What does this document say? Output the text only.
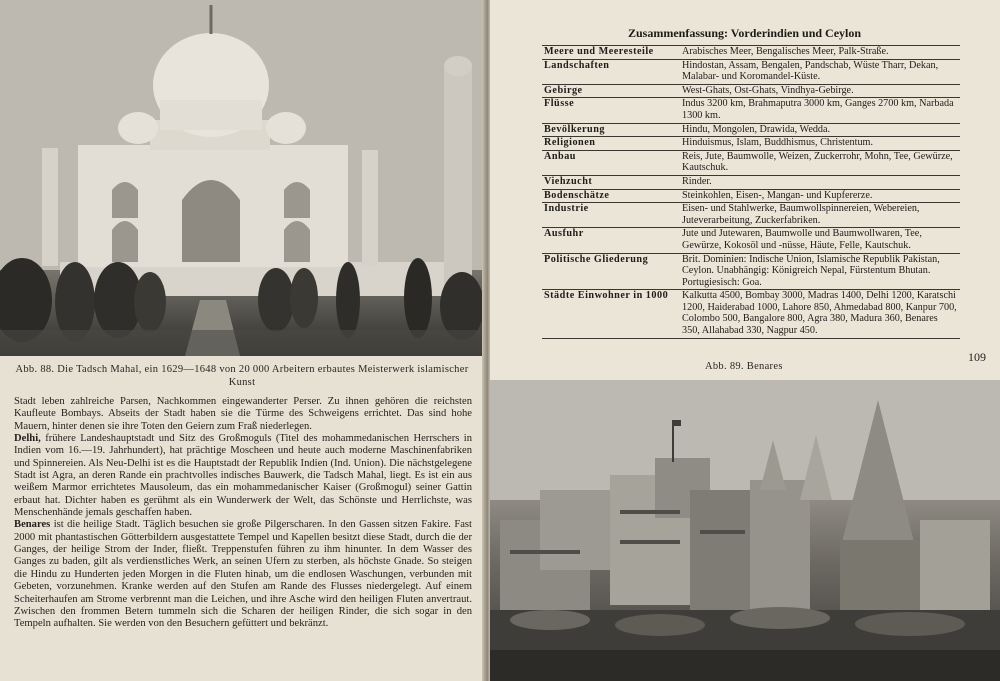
Abb. 88. Die Tadsch Mahal, ein 1629—1648 von 20 000 Arbeitern erbautes Meisterwerk islamischer Kunst

Stadt leben zahlreiche Parsen, Nachkommen eingewanderter Perser. Zu ihnen gehören die reichsten Kaufleute Bombays. Abseits der Stadt haben sie die Türme des Schweigens errichtet. Das sind hohe Mauern, hinter denen sie ihre Toten den Geiern zum Fraß niederlegen.

Delhi, frühere Landeshauptstadt und Sitz des Großmoguls (Titel des mohammedanischen Herrschers in Indien vom 16.—19. Jahrhundert), hat prächtige Moscheen und heute auch moderne Maschinenfabriken und Spinnereien. Als Neu-Delhi ist es die Hauptstadt der Republik Indien (Ind. Union). Die nächstgelegene Stadt ist Agra, an deren Rande ein prachtvolles indisches Bauwerk, die Tadsch Mahal, liegt. Es ist ein aus weißem Marmor errichtetes Mausoleum, das ein mohammedanischer Kaiser (Großmogul) seiner Gattin erbaut hat. Dichter haben es gerühmt als ein Wunderwerk der Welt, das Schönste und Herrlichste, was Menschenhände jemals geschaffen haben.

Benares ist die heilige Stadt. Täglich besuchen sie große Pilgerscharen. In den Gassen sitzen Fakire. Fast 2000 mit phantastischen Götterbildern ausgestattete Tempel und Kapellen besitzt diese Stadt, durch die der Ganges, der heilige Strom der Inder, fließt. Treppenstufen führen zu ihm hinunter. In dem Wasser des Ganges zu baden, gilt als verdienstliches Werk, an seinen Ufern zu sterben, als höchste Gnade. So steigen die Hindu zu Hunderten jeden Morgen in die Fluten hinab, um die endlosen Waschungen, verbunden mit Gebeten, vorzunehmen. Kranke werden auf den Stufen am Rande des Flusses niedergelegt. Auf einem Scheiterhaufen am Strome verbrennt man die Leichen, und ihre Asche wird den heiligen Fluten anvertraut. Zwischen den frommen Betern tummeln sich die Scharen der heiligen Rinder, die sich sogar in den Tempeln aufhalten. Sie werden von den Besuchern gefüttert und bekränzt.

Zusammenfassung: Vorderindien und Ceylon
Meere und Meeresteile	Arabisches Meer, Bengalisches Meer, Palk-Straße.
Landschaften	Hindostan, Assam, Bengalen, Pandschab, Wüste Tharr, Dekan, Malabar- und Koromandel-Küste.
Gebirge	West-Ghats, Ost-Ghats, Vindhya-Gebirge.
Flüsse	Indus 3200 km, Brahmaputra 3000 km, Ganges 2700 km, Narbada 1300 km.
Bevölkerung	Hindu, Mongolen, Drawida, Wedda.
Religionen	Hinduismus, Islam, Buddhismus, Christentum.
Anbau	Reis, Jute, Baumwolle, Weizen, Zuckerrohr, Mohn, Tee, Gewürze, Kautschuk.
Viehzucht	Rinder.
Bodenschätze	Steinkohlen, Eisen-, Mangan- und Kupfererze.
Industrie	Eisen- und Stahlwerke, Baumwollspinnereien, Webereien, Juteverarbeitung, Zuckerfabriken.
Ausfuhr	Jute und Jutewaren, Baumwolle und Baumwollwaren, Tee, Gewürze, Kokosöl und -nüsse, Häute, Felle, Kautschuk.
Politische Gliederung	Brit. Dominien: Indische Union, Islamische Republik Pakistan, Ceylon. Unabhängig: Königreich Nepal, Fürstentum Bhutan. Portugiesisch: Goa.
Städte Einwohner in 1000	Kalkutta 4500, Bombay 3000, Madras 1400, Delhi 1200, Karatschi 1200, Haiderabad 1000, Lahore 850, Ahmedabad 800, Kanpur 700, Colombo 500, Bangalore 800, Agra 380, Madura 360, Benares 350, Allahabad 330, Nagpur 450.
Abb. 89. Benares
109
